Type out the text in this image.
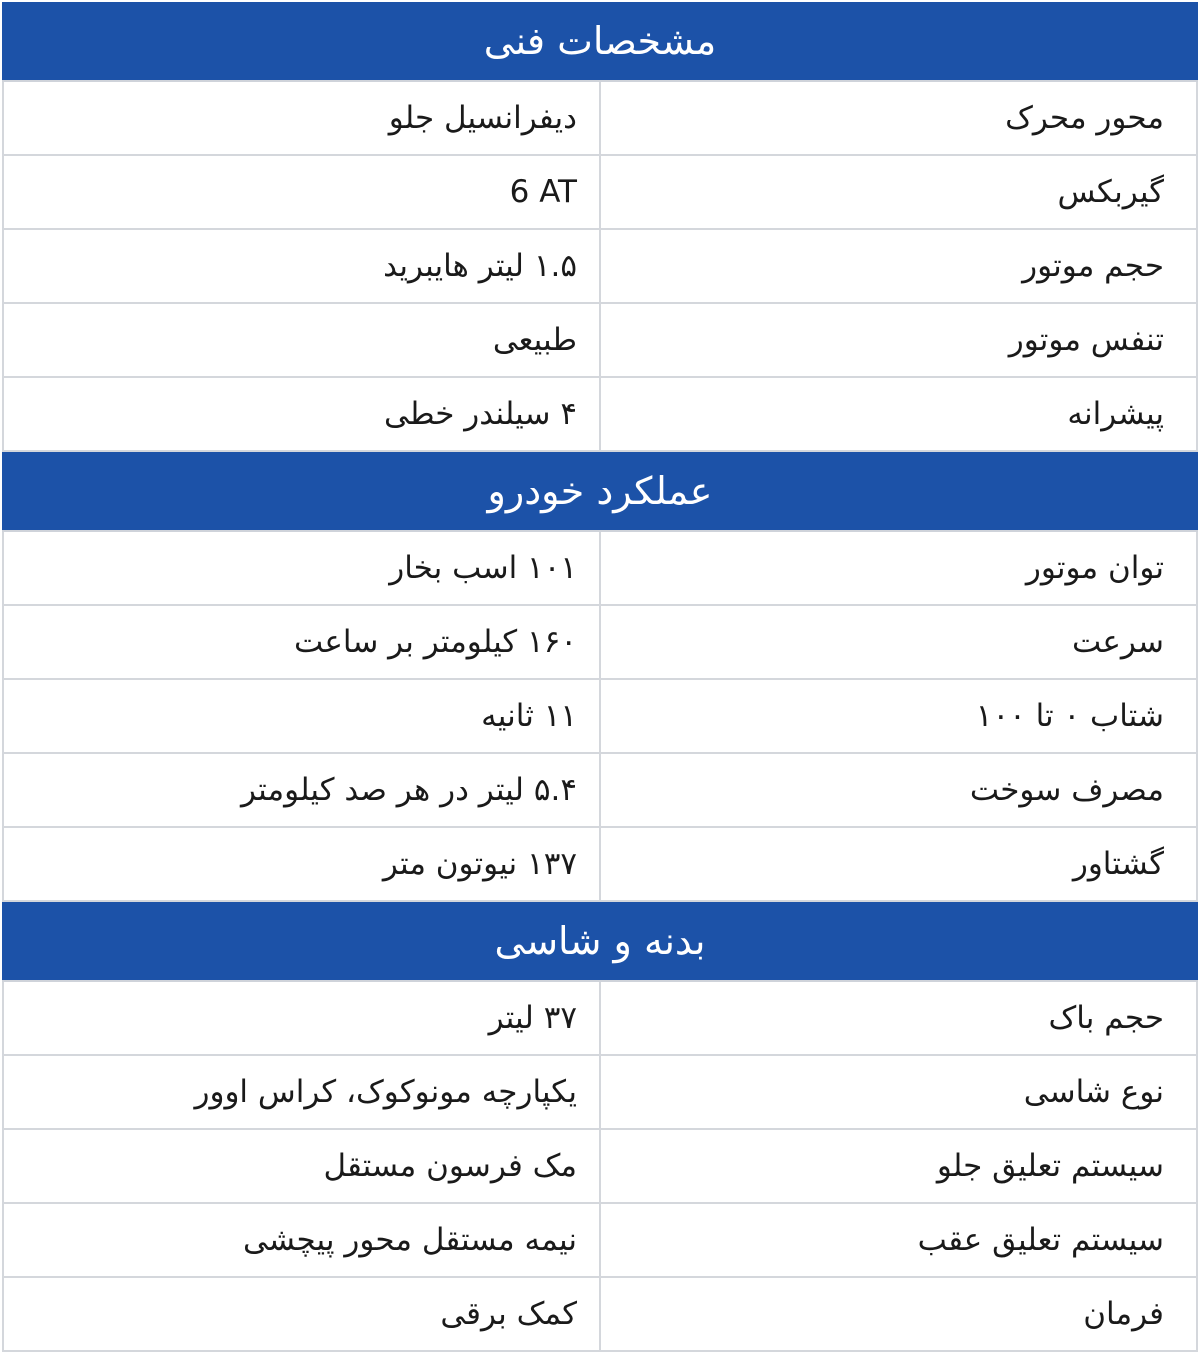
مشخصات فنی
محور محرک
دیفرانسیل جلو
گیربکس
6 AT
حجم موتور
۱.۵ لیتر هایبرید
تنفس موتور
طبیعی
پیشرانه
۴ سیلندر خطی
عملکرد خودرو
توان موتور
۱۰۱ اسب بخار
سرعت
۱۶۰ کیلومتر بر ساعت
شتاب ۰ تا ۱۰۰
۱۱ ثانیه
مصرف سوخت
۵.۴ لیتر در هر صد کیلومتر
گشتاور
۱۳۷ نیوتون متر
بدنه و شاسی
حجم باک
۳۷ لیتر
نوع شاسی
یکپارچه مونوکوک، کراس اوور
سیستم تعلیق جلو
مک فرسون مستقل
سیستم تعلیق عقب
نیمه مستقل محور پیچشی
فرمان
کمک برقی
